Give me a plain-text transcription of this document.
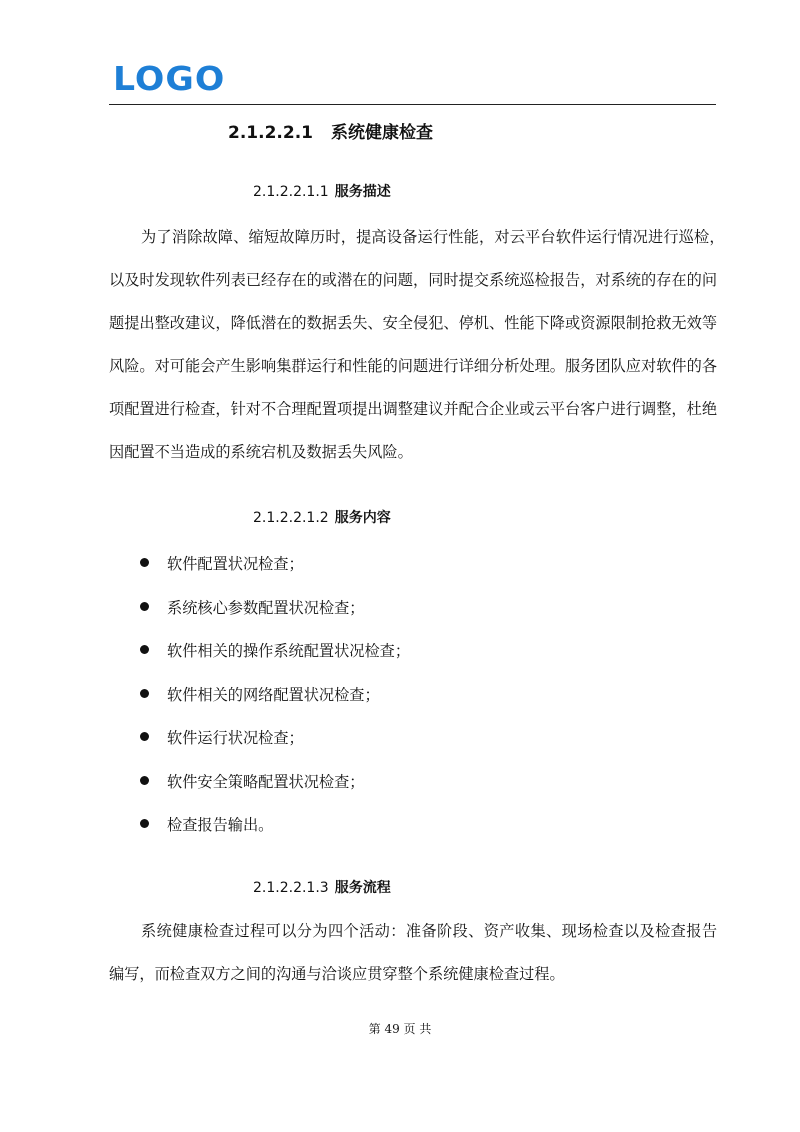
LOGO
2.1.2.2.1 系统健康检查
2.1.2.2.1.1 服务描述

为了消除故障、缩短故障历时，提高设备运行性能，对云平台软件运行情况进行巡检，　以及时发现软件列表已经存在的或潜在的问题，同时提交系统巡检报告，对系统的存在的问题提出整改建议，降低潜在的数据丢失、安全侵犯、停机、性能下降或资源限制抢救无效等风险。对可能会产生影响集群运行和性能的问题进行详细分析处理。服务团队应对软件的各项配置进行检查，针对不合理配置项提出调整建议并配合企业或云平台客户进行调整，杜绝因配置不当造成的系统宕机及数据丢失风险。

2.1.2.2.1.2 服务内容
软件配置状况检查；
系统核心参数配置状况检查；
软件相关的操作系统配置状况检查；
软件相关的网络配置状况检查；
软件运行状况检查；
软件安全策略配置状况检查；
检查报告输出。
2.1.2.2.1.3 服务流程

系统健康检查过程可以分为四个活动：准备阶段、资产收集、现场检查以及检查报告编写，而检查双方之间的沟通与洽谈应贯穿整个系统健康检查过程。

第 49 页 共
